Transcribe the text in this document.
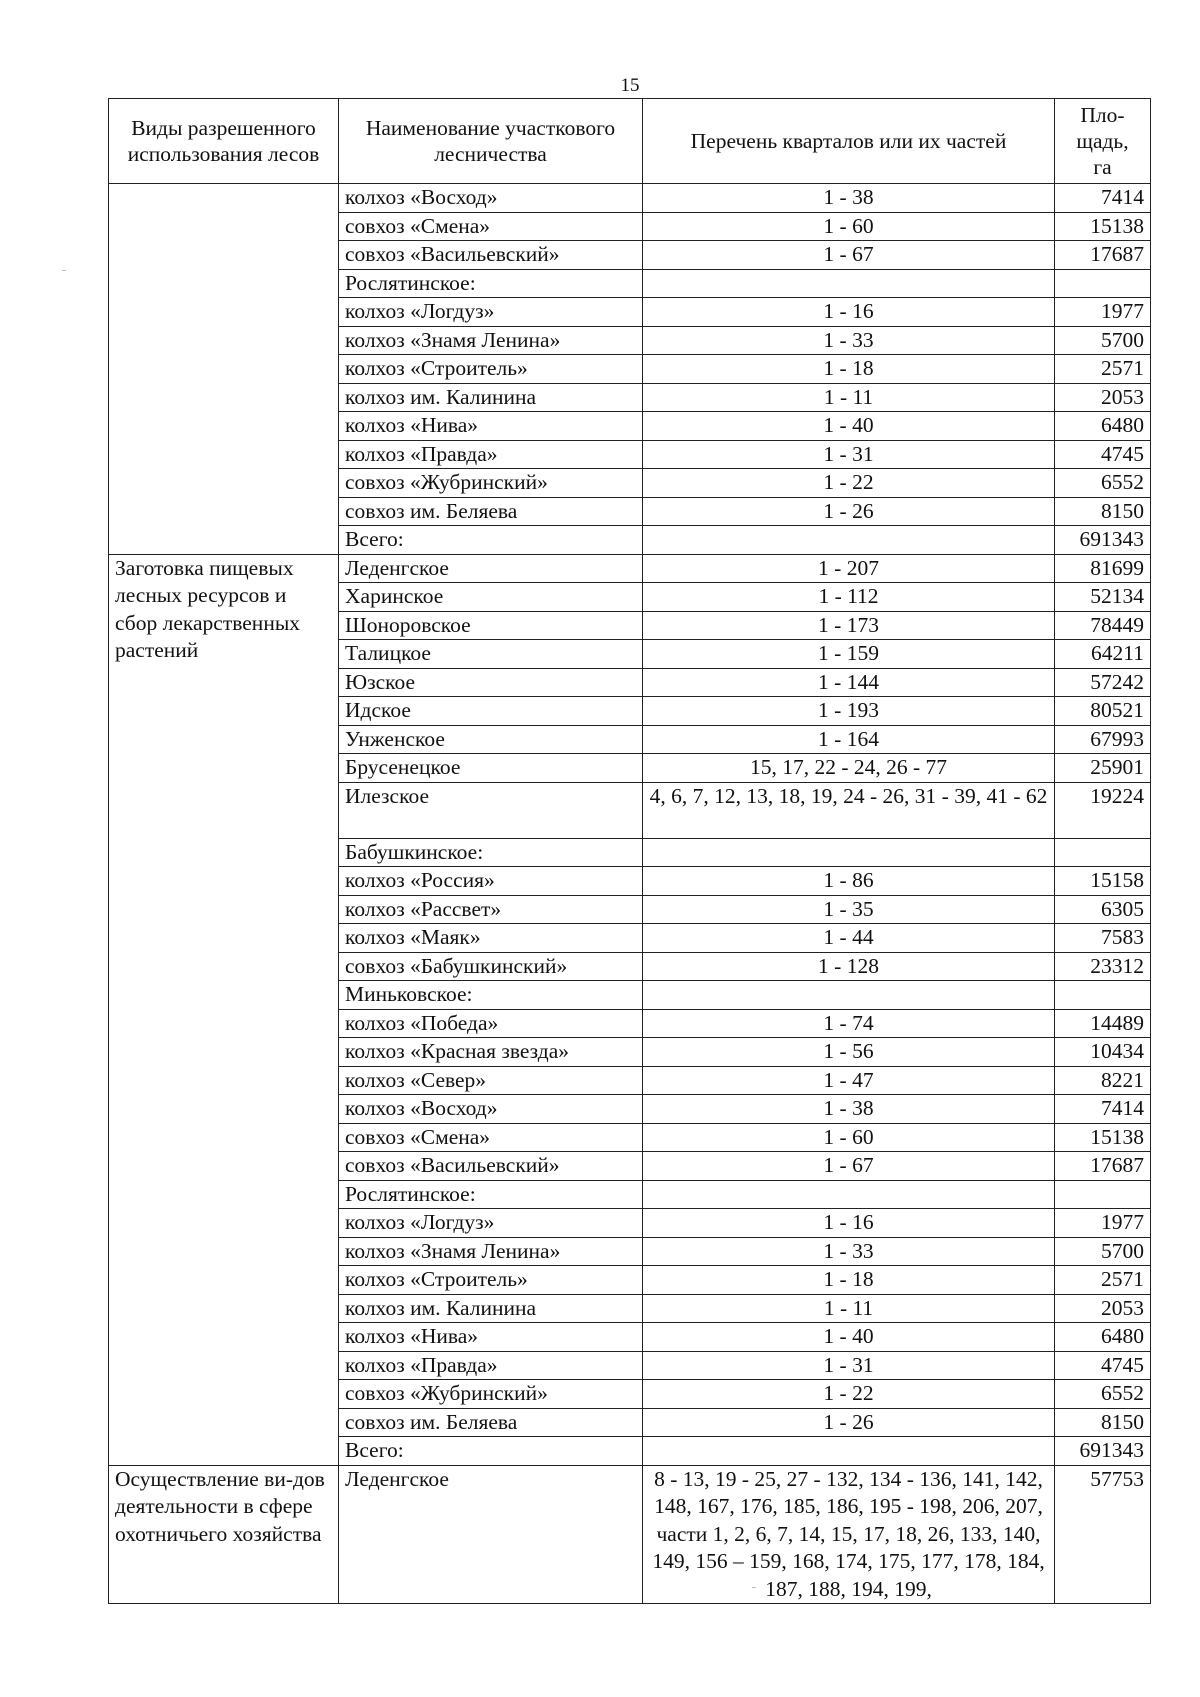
15
Виды разрешенного использования лесов	Наименование участкового лесничества	Перечень кварталов или их частей	Пло-щадь, га
	колхоз «Восход»	1 - 38	7414
	совхоз «Смена»	1 - 60	15138
	совхоз «Васильевский»	1 - 67	17687
	Рослятинское:		
	колхоз «Логдуз»	1 - 16	1977
	колхоз «Знамя Ленина»	1 - 33	5700
	колхоз «Строитель»	1 - 18	2571
	колхоз им. Калинина	1 - 11	2053
	колхоз «Нива»	1 - 40	6480
	колхоз «Правда»	1 - 31	4745
	совхоз «Жубринский»	1 - 22	6552
	совхоз им. Беляева	1 - 26	8150
	Всего:		691343
Заготовка пищевых лесных ресурсов и сбор лекарственных растений	Леденгское	1 - 207	81699
	Харинское	1 - 112	52134
	Шоноровское	1 - 173	78449
	Талицкое	1 - 159	64211
	Юзское	1 - 144	57242
	Идское	1 - 193	80521
	Унженское	1 - 164	67993
	Брусенецкое	15, 17, 22 - 24, 26 - 77	25901
	Илезское	4, 6, 7, 12, 13, 18, 19, 24 - 26, 31 - 39, 41 - 62	19224
	Бабушкинское:		
	колхоз «Россия»	1 - 86	15158
	колхоз «Рассвет»	1 - 35	6305
	колхоз «Маяк»	1 - 44	7583
	совхоз «Бабушкинский»	1 - 128	23312
	Миньковское:		
	колхоз «Победа»	1 - 74	14489
	колхоз «Красная звезда»	1 - 56	10434
	колхоз «Север»	1 - 47	8221
	колхоз «Восход»	1 - 38	7414
	совхоз «Смена»	1 - 60	15138
	совхоз «Васильевский»	1 - 67	17687
	Рослятинское:		
	колхоз «Логдуз»	1 - 16	1977
	колхоз «Знамя Ленина»	1 - 33	5700
	колхоз «Строитель»	1 - 18	2571
	колхоз им. Калинина	1 - 11	2053
	колхоз «Нива»	1 - 40	6480
	колхоз «Правда»	1 - 31	4745
	совхоз «Жубринский»	1 - 22	6552
	совхоз им. Беляева	1 - 26	8150
	Всего:		691343
Осуществление ви-дов деятельности в сфере охотничьего хозяйства	Леденгское	8 - 13, 19 - 25, 27 - 132, 134 - 136, 141, 142, 148, 167, 176, 185, 186, 195 - 198, 206, 207, части 1, 2, 6, 7, 14, 15, 17, 18, 26, 133, 140, 149, 156 – 159, 168, 174, 175, 177, 178, 184, 187, 188, 194, 199,	57753
